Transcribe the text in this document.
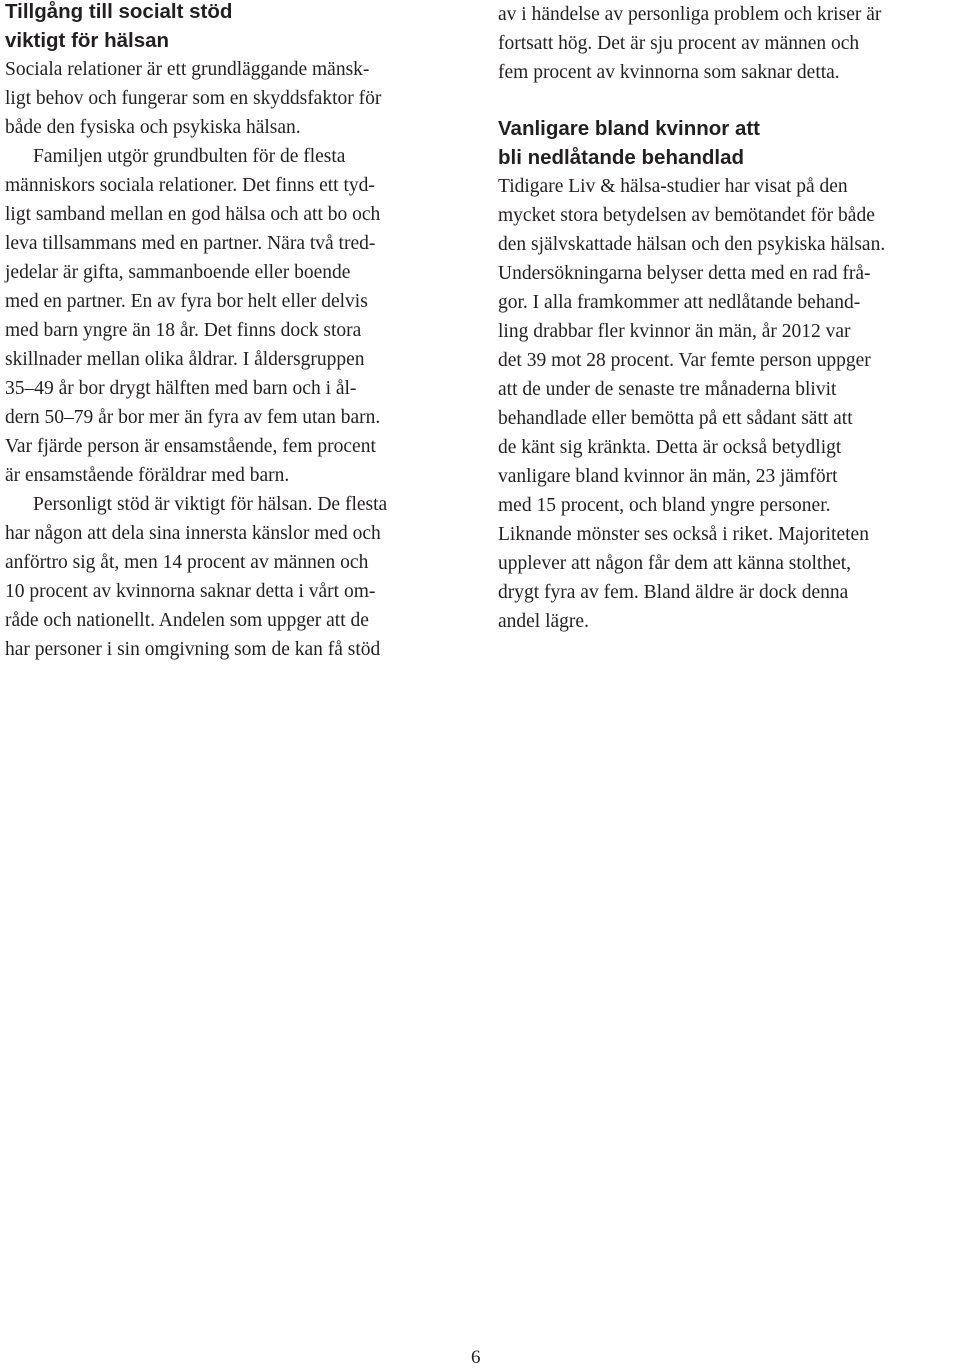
Tillgång till socialt stöd
viktigt för hälsan

Sociala relationer är ett grundläggande mänsk-
ligt behov och fungerar som en skyddsfaktor för
både den fysiska och psykiska hälsan.

Familjen utgör grundbulten för de flesta
människors sociala relationer. Det finns ett tyd-
ligt samband mellan en god hälsa och att bo och
leva tillsammans med en partner. Nära två tred-
jedelar är gifta, sammanboende eller boende
med en partner. En av fyra bor helt eller delvis
med barn yngre än 18 år. Det finns dock stora
skillnader mellan olika åldrar. I åldersgruppen
35–49 år bor drygt hälften med barn och i ål-
dern 50–79 år bor mer än fyra av fem utan barn.
Var fjärde person är ensamstående, fem procent
är ensamstående föräldrar med barn.

Personligt stöd är viktigt för hälsan. De flesta
har någon att dela sina innersta känslor med och
anförtro sig åt, men 14 procent av männen och
10 procent av kvinnorna saknar detta i vårt om-
råde och nationellt. Andelen som uppger att de
har personer i sin omgivning som de kan få stöd

av i händelse av personliga problem och kriser är
fortsatt hög. Det är sju procent av männen och
fem procent av kvinnorna som saknar detta.

Vanligare bland kvinnor att
bli nedlåtande behandlad

Tidigare Liv & hälsa-studier har visat på den
mycket stora betydelsen av bemötandet för både
den självskattade hälsan och den psykiska hälsan.
Undersökningarna belyser detta med en rad frå-
gor. I alla framkommer att nedlåtande behand-
ling drabbar fler kvinnor än män, år 2012 var
det 39 mot 28 procent. Var femte person uppger
att de under de senaste tre månaderna blivit
behandlade eller bemötta på ett sådant sätt att
de känt sig kränkta. Detta är också betydligt
vanligare bland kvinnor än män, 23 jämfört
med 15 procent, och bland yngre personer.
Liknande mönster ses också i riket. Majoriteten
upplever att någon får dem att känna stolthet,
drygt fyra av fem. Bland äldre är dock denna
andel lägre.

6
